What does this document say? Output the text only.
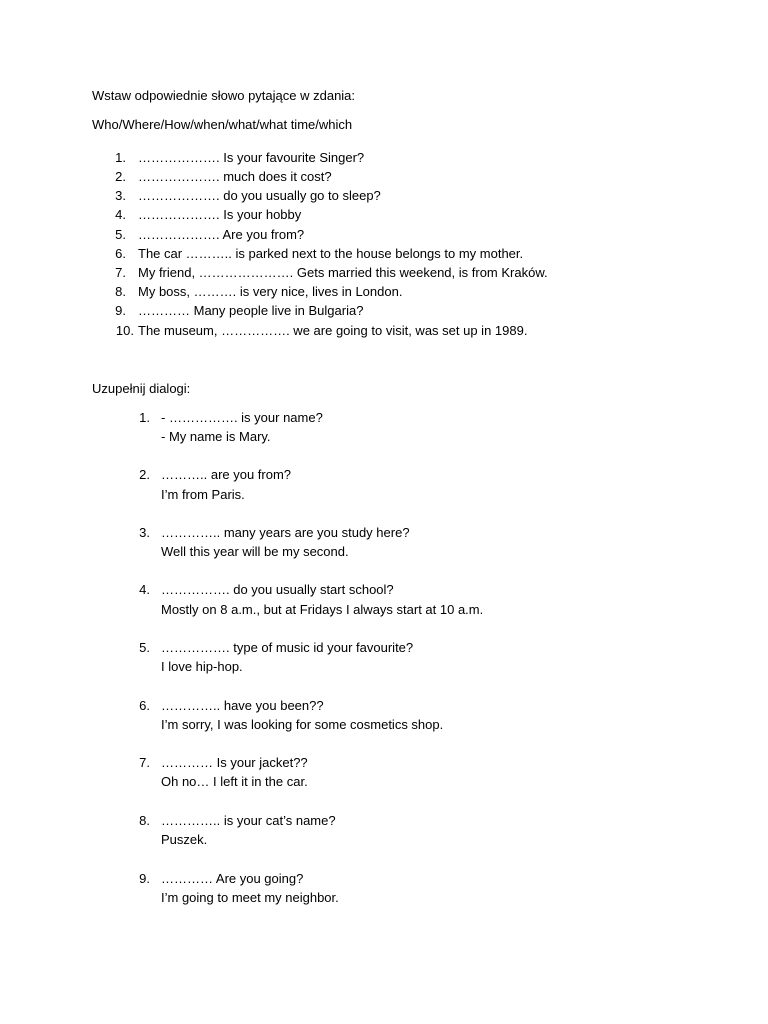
Wstaw odpowiednie słowo pytające w zdania:
Who/Where/How/when/what/what time/which
1. ………………. Is your favourite Singer?
2. ………………. much does it cost?
3. ………………. do you usually go to sleep?
4. ………………. Is your hobby
5. ………………. Are you from?
6. The car ……….. is parked next to the house belongs to my mother.
7. My friend, …………………. Gets married this weekend, is from Kraków.
8. My boss, ………. is very nice, lives in London.
9. ………… Many people live in Bulgaria?
10. The museum, ……………. we are going to visit, was set up in 1989.
Uzupełnij dialogi:
1. - ……………. is your name?
- My name is Mary.
2. ……….. are you from?
I’m from Paris.
3. ………….. many years are you study here?
Well this year will be my second.
4. ……………. do you usually start school?
Mostly on 8 a.m., but at Fridays I always start at 10 a.m.
5. ……………. type of music id your favourite?
I love hip-hop.
6. ………….. have you been??
I’m sorry, I was looking for some cosmetics shop.
7. ………… Is your jacket??
Oh no… I left it in the car.
8. ………….. is your cat’s name?
Puszek.
9. ………… Are you going?
I’m going to meet my neighbor.
